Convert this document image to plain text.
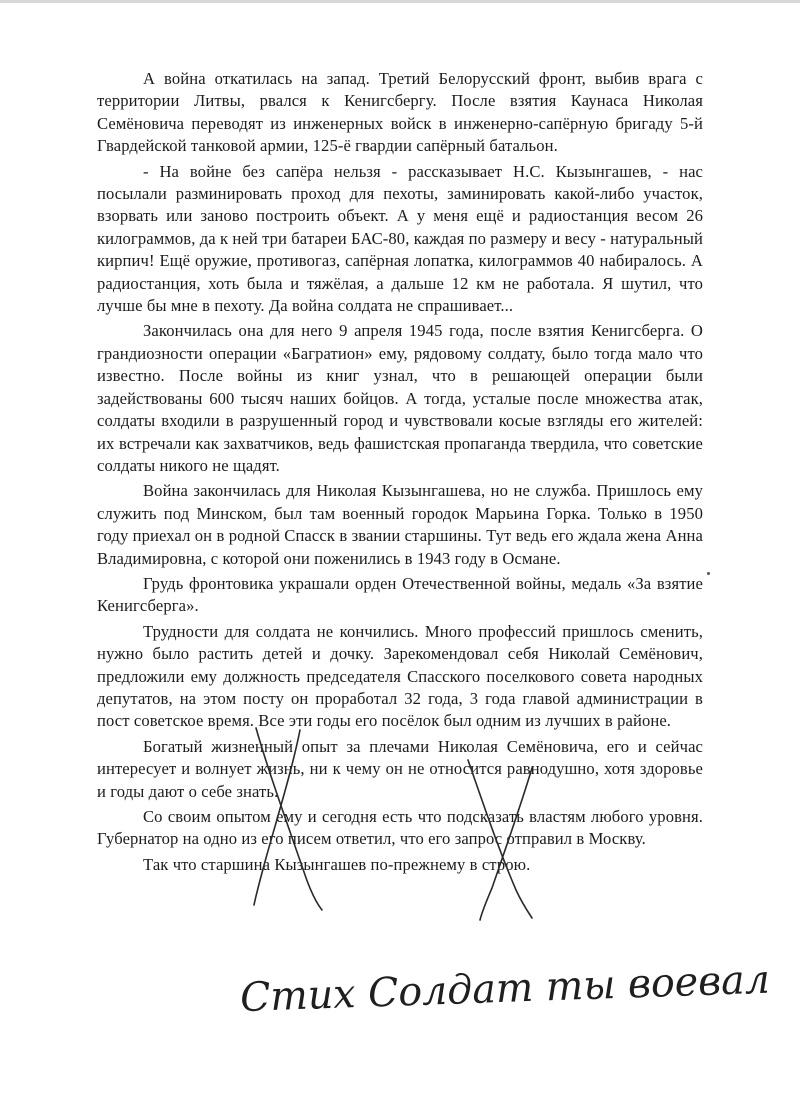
А война откатилась на запад. Третий Белорусский фронт, выбив врага с территории Литвы, рвался к Кенигсбергу. После взятия Каунаса Николая Семёновича переводят из инженерных войск в инженерно-сапёрную бригаду 5-й Гвардейской танковой армии, 125-ё гвардии сапёрный батальон.

- На войне без сапёра нельзя - рассказывает Н.С. Кызынгашев, - нас посылали разминировать проход для пехоты, заминировать какой-либо участок, взорвать или заново построить объект. А у меня ещё и радиостанция весом 26 килограммов, да к ней три батареи БАС-80, каждая по размеру и весу - натуральный кирпич! Ещё оружие, противогаз, сапёрная лопатка, килограммов 40 набиралось. А радиостанция, хоть была и тяжёлая, а дальше 12 км не работала. Я шутил, что лучше бы мне в пехоту. Да война солдата не спрашивает...

Закончилась она для него 9 апреля 1945 года, после взятия Кенигсберга. О грандиозности операции «Багратион» ему, рядовому солдату, было тогда мало что известно. После войны из книг узнал, что в решающей операции были задействованы 600 тысяч наших бойцов. А тогда, усталые после множества атак, солдаты входили в разрушенный город и чувствовали косые взгляды его жителей: их встречали как захватчиков, ведь фашистская пропаганда твердила, что советские солдаты никого не щадят.

Война закончилась для Николая Кызынгашева, но не служба. Пришлось ему служить под Минском, был там военный городок Марьина Горка. Только в 1950 году приехал он в родной Спасск в звании старшины. Тут ведь его ждала жена Анна Владимировна, с которой они поженились в 1943 году в Османе.

Грудь фронтовика украшали орден Отечественной войны, медаль «За взятие Кенигсберга».

Трудности для солдата не кончились. Много профессий пришлось сменить, нужно было растить детей и дочку. Зарекомендовал себя Николай Семёнович, предложили ему должность председателя Спасского поселкового совета народных депутатов, на этом посту он проработал 32 года, 3 года главой администрации в пост советское время. Все эти годы его посёлок был одним из лучших в районе.

Богатый жизненный опыт за плечами Николая Семёновича, его и сейчас интересует и волнует жизнь, ни к чему он не относится равнодушно, хотя здоровье и годы дают о себе знать.

Со своим опытом ему и сегодня есть что подсказать властям любого уровня. Губернатор на одно из его писем ответил, что его запрос отправил в Москву.

Так что старшина Кызынгашев по-прежнему в строю.

Стих Солдат ты воевал
